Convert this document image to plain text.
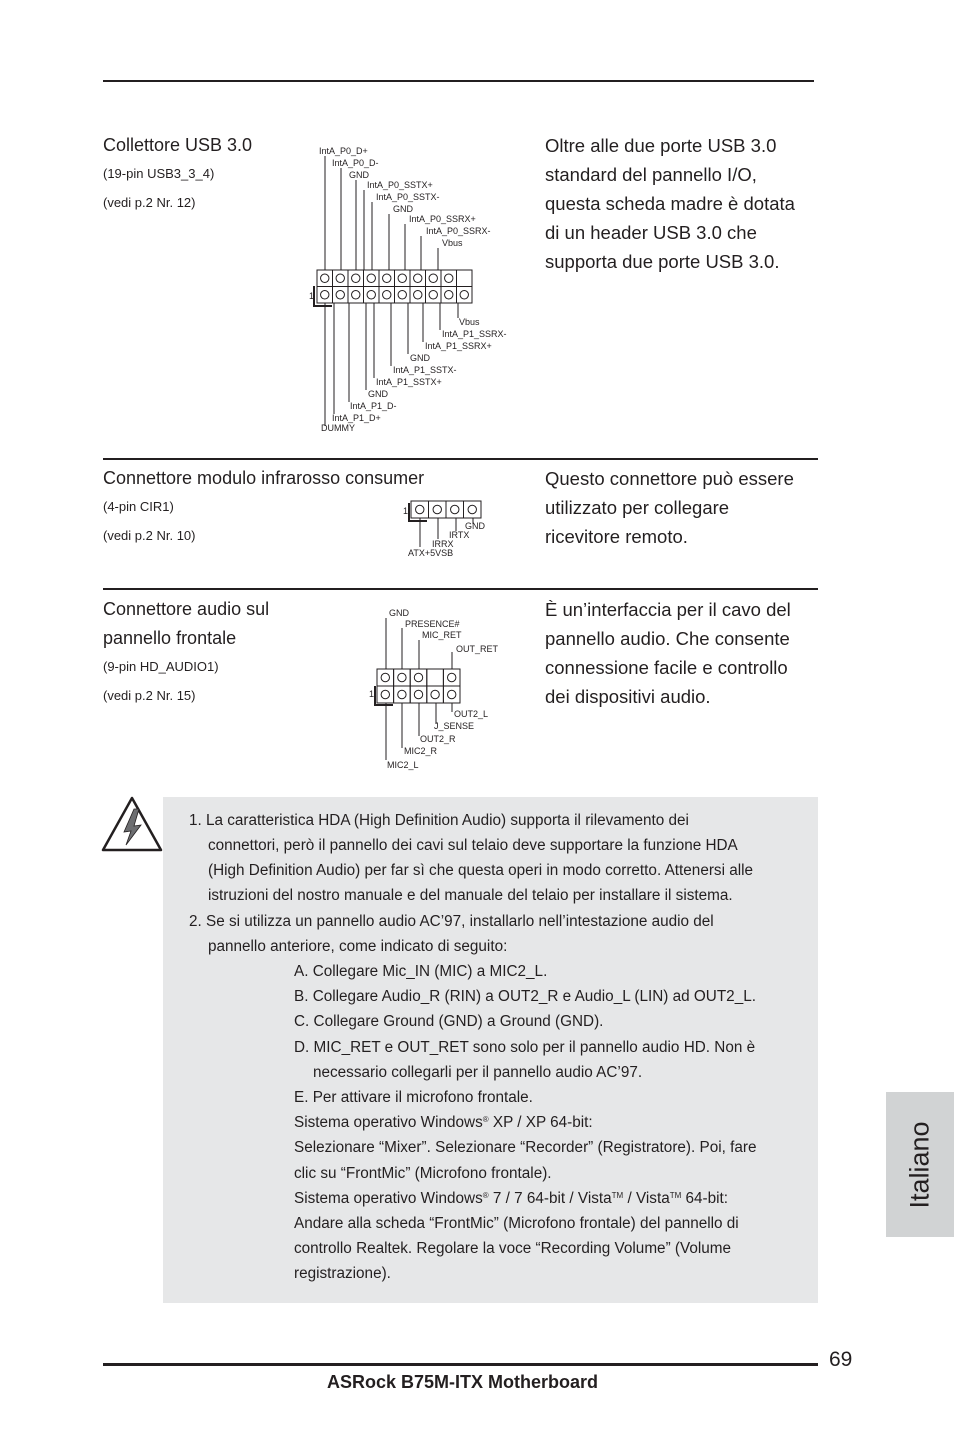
Collettore USB 3.0
(19-pin USB3_3_4)
(vedi p.2 Nr. 12)
Oltre alle due porte USB 3.0
standard del pannello I/O,
questa scheda madre è dotata
di un header USB 3.0 che
supporta due porte USB 3.0.
IntA_P0_D+
IntA_P0_D-
GND
IntA_P0_SSTX+
IntA_P0_SSTX-
GND
IntA_P0_SSRX+
IntA_P0_SSRX-
Vbus
1
Vbus
IntA_P1_SSRX-
IntA_P1_SSRX+
GND
IntA_P1_SSTX-
IntA_P1_SSTX+
GND
IntA_P1_D-
IntA_P1_D+
DUMMY
Connettore modulo infrarosso consumer
(4-pin CIR1)
(vedi p.2 Nr. 10)
Questo connettore può essere
utilizzato per collegare
ricevitore remoto.
1
GND
IRTX
IRRX
ATX+5VSB
Connettore audio sul
pannello frontale
(9-pin HD_AUDIO1)
(vedi p.2 Nr. 15)
È un’interfaccia per il cavo del
pannello audio. Che consente
connessione facile e controllo
dei dispositivi audio.
GND
PRESENCE#
MIC_RET
OUT_RET
1
OUT2_L
J_SENSE
OUT2_R
MIC2_R
MIC2_L
1. La caratteristica HDA (High Definition Audio) supporta il rilevamento dei
connettori, però il pannello dei cavi sul telaio deve supportare la funzione HDA
(High Definition Audio) per far sì che questa operi in modo corretto. Attenersi alle
istruzioni del nostro manuale e del manuale del telaio per installare il sistema.
2. Se si utilizza un pannello audio AC’97, installarlo nell’intestazione audio del
pannello anteriore, come indicato di seguito:
A. Collegare Mic_IN (MIC) a MIC2_L.
B. Collegare Audio_R (RIN) a OUT2_R e Audio_L (LIN) ad OUT2_L.
C. Collegare Ground (GND) a Ground (GND).
D. MIC_RET e OUT_RET sono solo per il pannello audio HD. Non è
necessario collegarli per il pannello audio AC’97.
E. Per attivare il microfono frontale.
Sistema operativo Windows® XP / XP 64-bit:
Selezionare “Mixer”. Selezionare “Recorder” (Registratore). Poi, fare
clic su “FrontMic” (Microfono frontale).
Sistema operativo Windows® 7 / 7 64-bit / Vista™ / Vista™ 64-bit:
Andare alla scheda “FrontMic” (Microfono frontale) del pannello di
controllo Realtek. Regolare la voce “Recording Volume” (Volume
registrazione).
Italiano
69
ASRock B75M-ITX Motherboard
